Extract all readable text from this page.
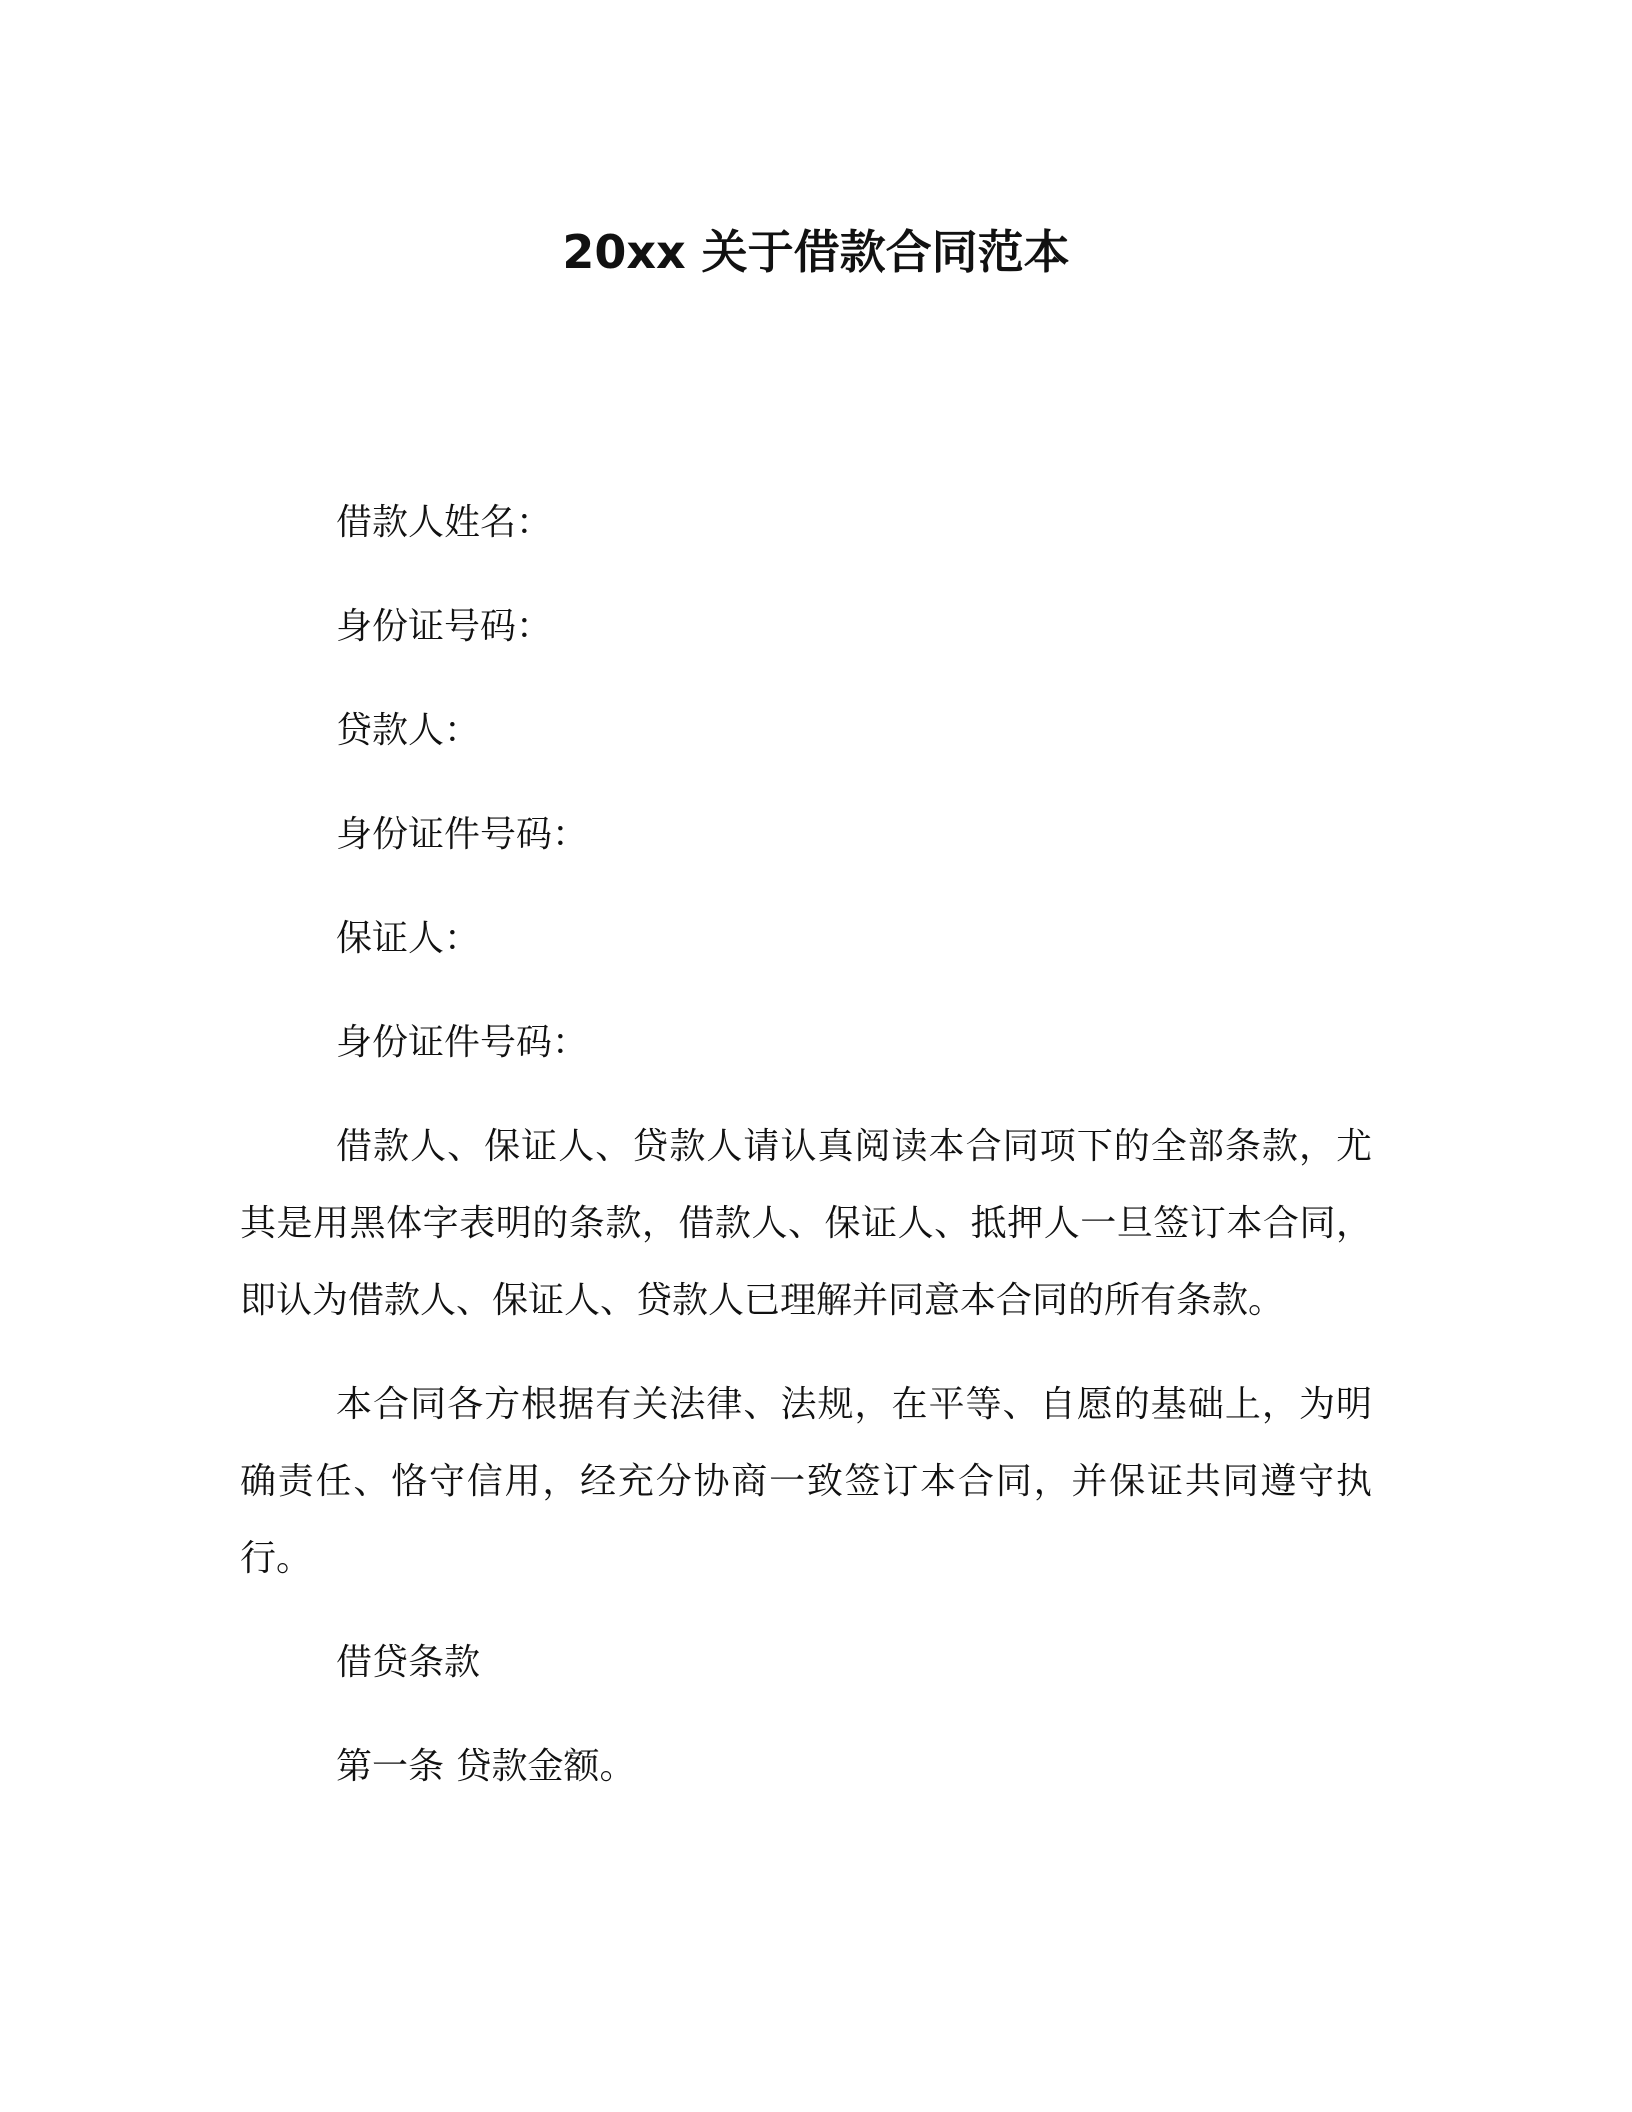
20xx 关于借款合同范本
借款人姓名：
身份证号码：
贷款人：
身份证件号码：
保证人：
身份证件号码：
借款人、保证人、贷款人请认真阅读本合同项下的全部条款，尤其是用黑体字表明的条款，借款人、保证人、抵押人一旦签订本合同，即认为借款人、保证人、贷款人已理解并同意本合同的所有条款。
本合同各方根据有关法律、法规，在平等、自愿的基础上，为明确责任、恪守信用，经充分协商一致签订本合同，并保证共同遵守执行。
借贷条款
第一条 贷款金额。
